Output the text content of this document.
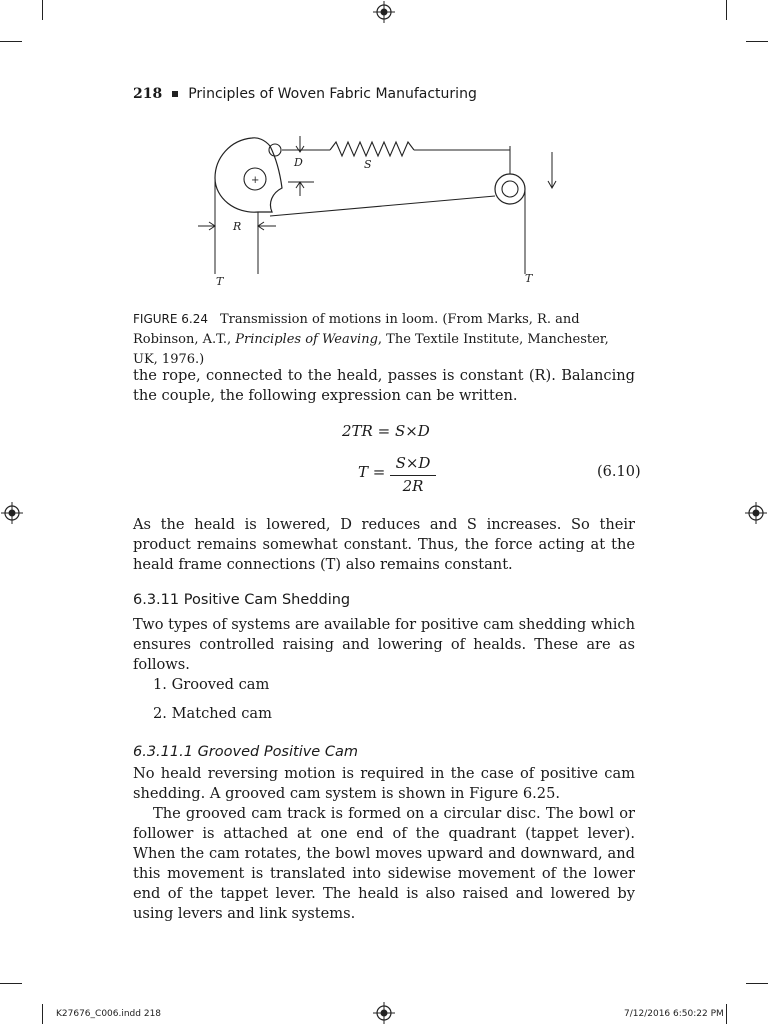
218 Principles of Woven Fabric Manufacturing
+
D	S
R
T	T
FIGURE 6.24 Transmission of motions in loom. (From Marks, R. and Robinson, A.T., Principles of Weaving, The Textile Institute, Manchester, UK, 1976.)
the rope, connected to the heald, passes is constant (R). Balancing the couple, the following expression can be written.
2TR = S×D
T = S×D
2R
(6.10)
As the heald is lowered, D reduces and S increases. So their product remains somewhat constant. Thus, the force acting at the heald frame connections (T) also remains constant.
6.3.11 Positive Cam Shedding
Two types of systems are available for positive cam shedding which ensures controlled raising and lowering of healds. These are as follows.
1. Grooved cam
2. Matched cam
6.3.11.1 Grooved Positive Cam
No heald reversing motion is required in the case of positive cam shedding. A grooved cam system is shown in Figure 6.25.
The grooved cam track is formed on a circular disc. The bowl or follower is attached at one end of the quadrant (tappet lever). When the cam rotates, the bowl moves upward and downward, and this movement is translated into sidewise movement of the lower end of the tappet lever. The heald is also raised and lowered by using levers and link systems.
K27676_C006.indd 218	7/12/2016 6:50:22 PM
